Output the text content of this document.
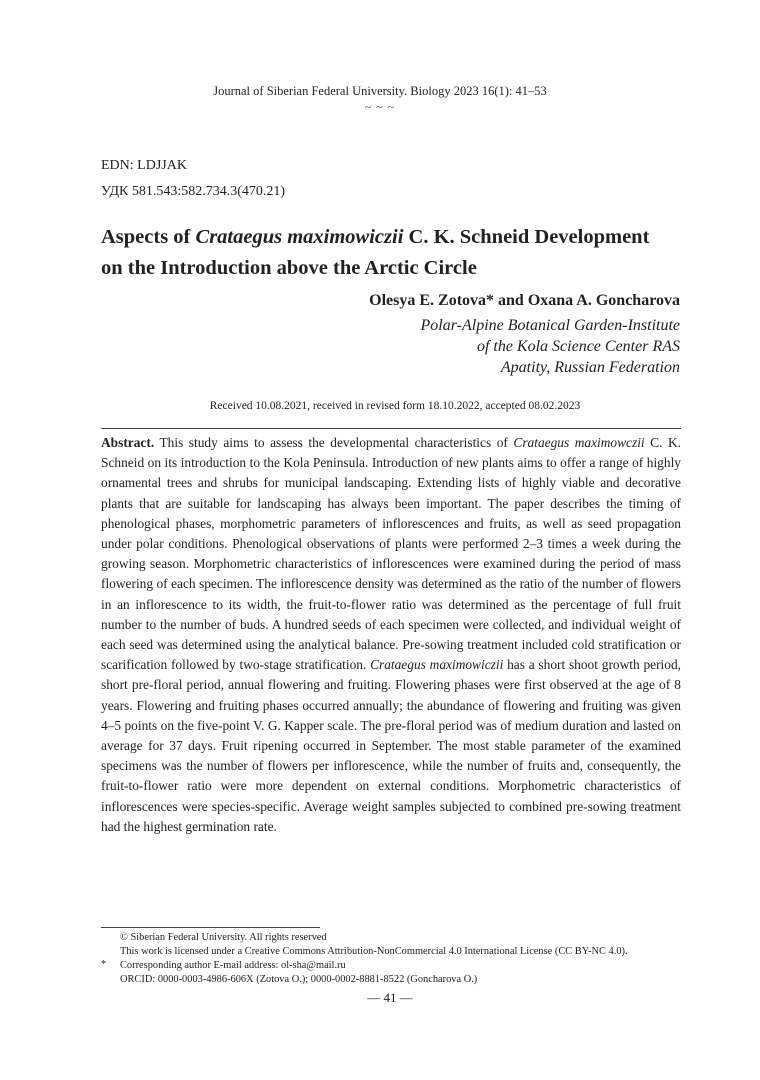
Journal of Siberian Federal University. Biology 2023 16(1): 41–53
~ ~ ~
EDN: LDJJAK
УДК 581.543:582.734.3(470.21)
Aspects of Crataegus maximowiczii C. K. Schneid Development
on the Introduction above the Arctic Circle
Olesya E. Zotova* and Oxana A. Goncharova
Polar-Alpine Botanical Garden-Institute
of the Kola Science Center RAS
Apatity, Russian Federation
Received 10.08.2021, received in revised form 18.10.2022, accepted 08.02.2023

Abstract. This study aims to assess the developmental characteristics of Crataegus maximowczii C. K. Schneid on its introduction to the Kola Peninsula. Introduction of new plants aims to offer a range of highly ornamental trees and shrubs for municipal landscaping. Extending lists of highly viable and decorative plants that are suitable for landscaping has always been important. The paper describes the timing of phenological phases, morphometric parameters of inflorescences and fruits, as well as seed propagation under polar conditions. Phenological observations of plants were performed 2–3 times a week during the growing season. Morphometric characteristics of inflorescences were examined during the period of mass flowering of each specimen. The inflorescence density was determined as the ratio of the number of flowers in an inflorescence to its width, the fruit-to-flower ratio was determined as the percentage of full fruit number to the number of buds. A hundred seeds of each specimen were collected, and individual weight of each seed was determined using the analytical balance. Pre-sowing treatment included cold stratification or scarification followed by two-stage stratification. Crataegus maximowiczii has a short shoot growth period, short pre-floral period, annual flowering and fruiting. Flowering phases were first observed at the age of 8 years. Flowering and fruiting phases occurred annually; the abundance of flowering and fruiting was given 4–5 points on the five-point V. G. Kapper scale. The pre-floral period was of medium duration and lasted on average for 37 days. Fruit ripening occurred in September. The most stable parameter of the examined specimens was the number of flowers per inflorescence, while the number of fruits and, consequently, the fruit-to-flower ratio were more dependent on external conditions. Morphometric characteristics of inflorescences were species-specific. Average weight samples subjected to combined pre-sowing treatment had the highest germination rate.

© Siberian Federal University. All rights reserved
This work is licensed under a Creative Commons Attribution-NonCommercial 4.0 International License (CC BY-NC 4.0).
* Corresponding author E-mail address: ol-sha@mail.ru
ORCID: 0000-0003-4986-606X (Zotova O.); 0000-0002-8881-8522 (Goncharova O.)
— 41 —
